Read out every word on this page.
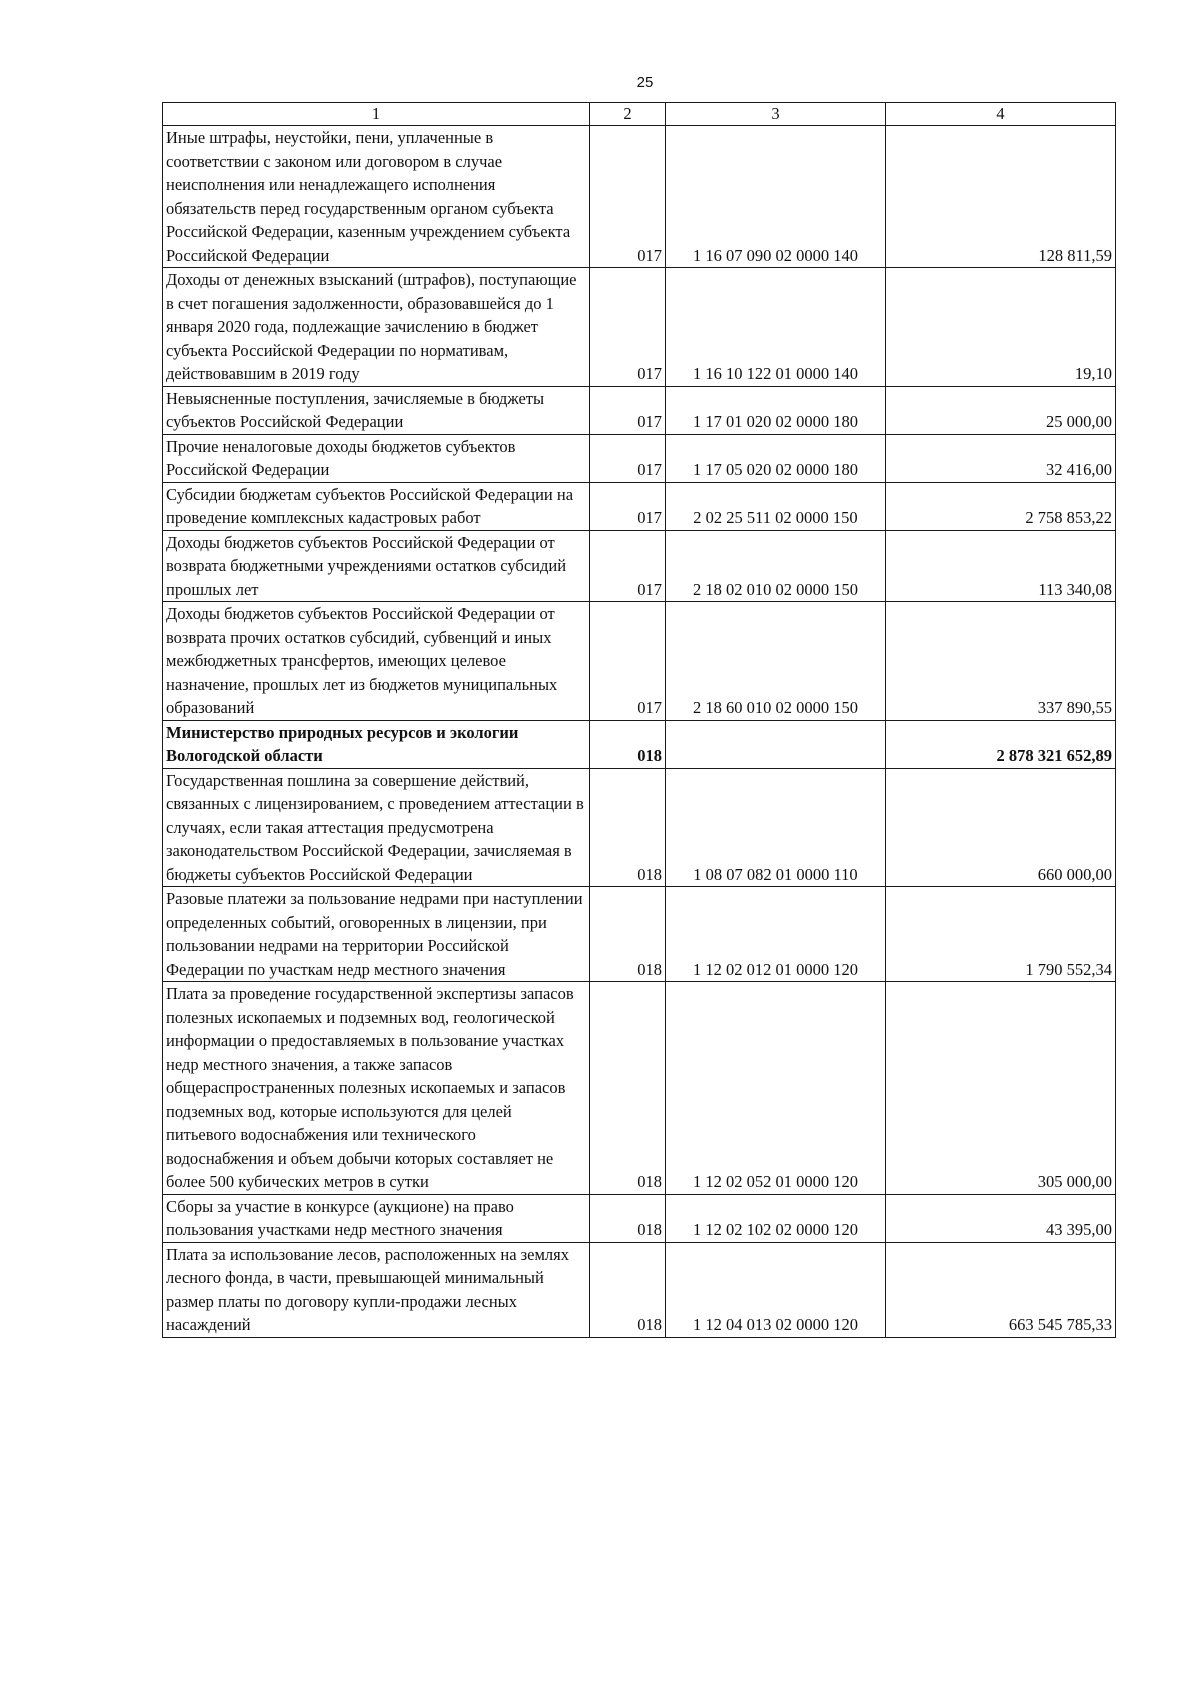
25
1	2	3	4
Иные штрафы, неустойки, пени, уплаченные в соответствии с законом или договором в случае неисполнения или ненадлежащего исполнения обязательств перед государственным органом субъекта Российской Федерации, казенным учреждением субъекта Российской Федерации	017	1 16 07 090 02 0000 140	128 811,59
Доходы от денежных взысканий (штрафов), поступающие в счет погашения задолженности, образовавшейся до 1 января 2020 года, подлежащие зачислению в бюджет субъекта Российской Федерации по нормативам, действовавшим в 2019 году	017	1 16 10 122 01 0000 140	19,10
Невыясненные поступления, зачисляемые в бюджеты субъектов Российской Федерации	017	1 17 01 020 02 0000 180	25 000,00
Прочие неналоговые доходы бюджетов субъектов Российской Федерации	017	1 17 05 020 02 0000 180	32 416,00
Субсидии бюджетам субъектов Российской Федерации на проведение комплексных кадастровых работ	017	2 02 25 511 02 0000 150	2 758 853,22
Доходы бюджетов субъектов Российской Федерации от возврата бюджетными учреждениями остатков субсидий прошлых лет	017	2 18 02 010 02 0000 150	113 340,08
Доходы бюджетов субъектов Российской Федерации от возврата прочих остатков субсидий, субвенций и иных межбюджетных трансфертов, имеющих целевое назначение, прошлых лет из бюджетов муниципальных образований	017	2 18 60 010 02 0000 150	337 890,55
Министерство природных ресурсов и экологии Вологодской области	018		2 878 321 652,89
Государственная пошлина за совершение действий, связанных с лицензированием, с проведением аттестации в случаях, если такая аттестация предусмотрена законодательством Российской Федерации, зачисляемая в бюджеты субъектов Российской Федерации	018	1 08 07 082 01 0000 110	660 000,00
Разовые платежи за пользование недрами при наступлении определенных событий, оговоренных в лицензии, при пользовании недрами на территории Российской Федерации по участкам недр местного значения	018	1 12 02 012 01 0000 120	1 790 552,34
Плата за проведение государственной экспертизы запасов полезных ископаемых и подземных вод, геологической информации о предоставляемых в пользование участках недр местного значения, а также запасов общераспространенных полезных ископаемых и запасов подземных вод, которые используются для целей питьевого водоснабжения или технического водоснабжения и объем добычи которых составляет не более 500 кубических метров в сутки	018	1 12 02 052 01 0000 120	305 000,00
Сборы за участие в конкурсе (аукционе) на право пользования участками недр местного значения	018	1 12 02 102 02 0000 120	43 395,00
Плата за использование лесов, расположенных на землях лесного фонда, в части, превышающей минимальный размер платы по договору купли-продажи лесных насаждений	018	1 12 04 013 02 0000 120	663 545 785,33
